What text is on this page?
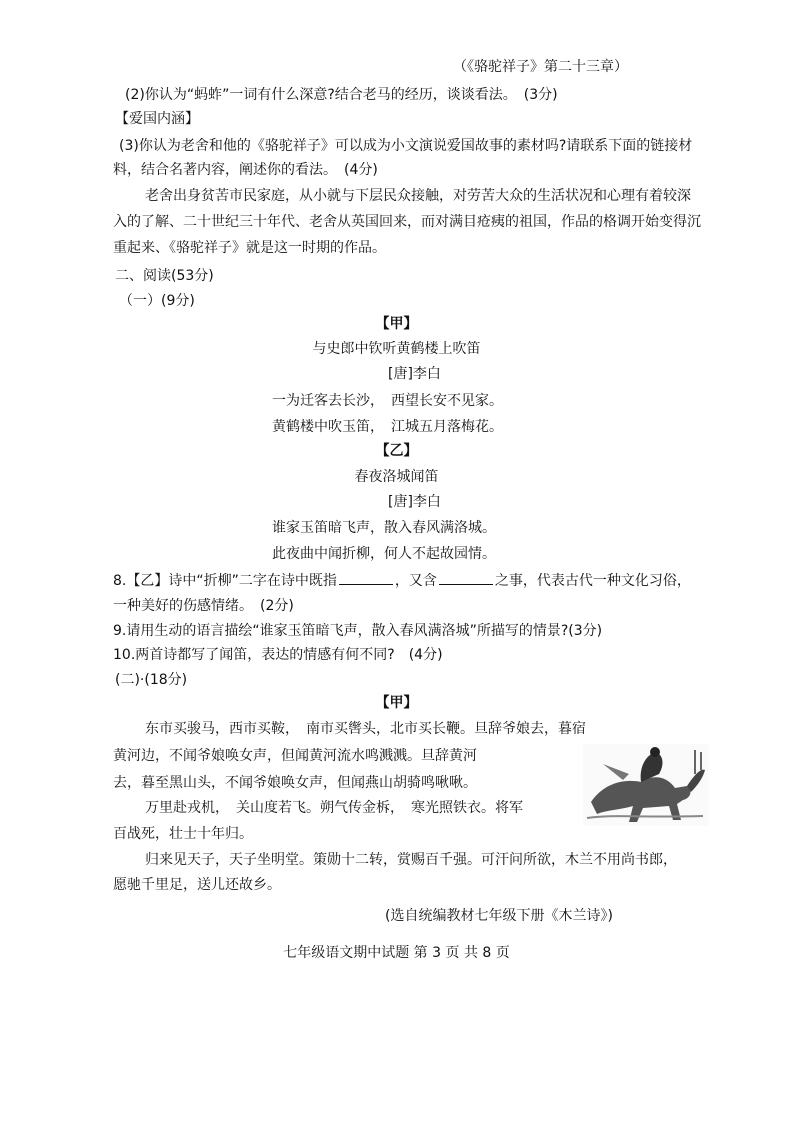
（《骆驼祥子》第二十三章）
(2)你认为“蚂蚱”一词有什么深意?结合老马的经历，谈谈看法。　(3分)
【爱国内涵】
(3)你认为老舍和他的《骆驼祥子》可以成为小文演说爱国故事的素材吗?请联系下面的链接材
料，结合名著内容，阐述你的看法。　(4分)
老舍出身贫苦市民家庭，从小就与下层民众接触，对劳苦大众的生活状况和心理有着较深
入的了解、二十世纪三十年代、老舍从英国回来，而对满目疮痍的祖国，作品的格调开始变得沉
重起来、《骆驼祥子》就是这一时期的作品。
二、阅读(53分)
（一）(9分)
【甲】
与史郎中钦听黄鹤楼上吹笛
[唐]李白
一为迁客去长沙，　西望长安不见家。
黄鹤楼中吹玉笛，　江城五月落梅花。
【乙】
春夜洛城闻笛
[唐]李白
谁家玉笛暗飞声，散入春风满洛城。
此夜曲中闻折柳，何人不起故园情。
8.【乙】诗中“折柳”二字在诗中既指	，又含	之事，代表古代一种文化习俗，
一种美好的伤感情绪。　(2分)
9.请用生动的语言描绘“谁家玉笛暗飞声，散入春风满洛城”所描写的情景?(3分)
10.两首诗都写了闻笛，表达的情感有何不同?　(4分)
(二)·(18分)
【甲】
东市买骏马，西市买鞍，　南市买辔头，北市买长鞭。旦辞爷娘去，暮宿
黄河边，不闻爷娘唤女声，但闻黄河流水鸣溅溅。旦辞黄河
去，暮至黑山头，不闻爷娘唤女声，但闻燕山胡骑鸣啾啾。
万里赴戎机，　关山度若飞。朔气传金柝，　寒光照铁衣。将军
百战死，壮士十年归。
归来见天子，天子坐明堂。策勋十二转，赏赐百千强。可汗问所欲，木兰不用尚书郎，
愿驰千里足，送儿还故乡。
(选自统编教材七年级下册《木兰诗》)
七年级语文期中试题 第 3 页 共 8 页
